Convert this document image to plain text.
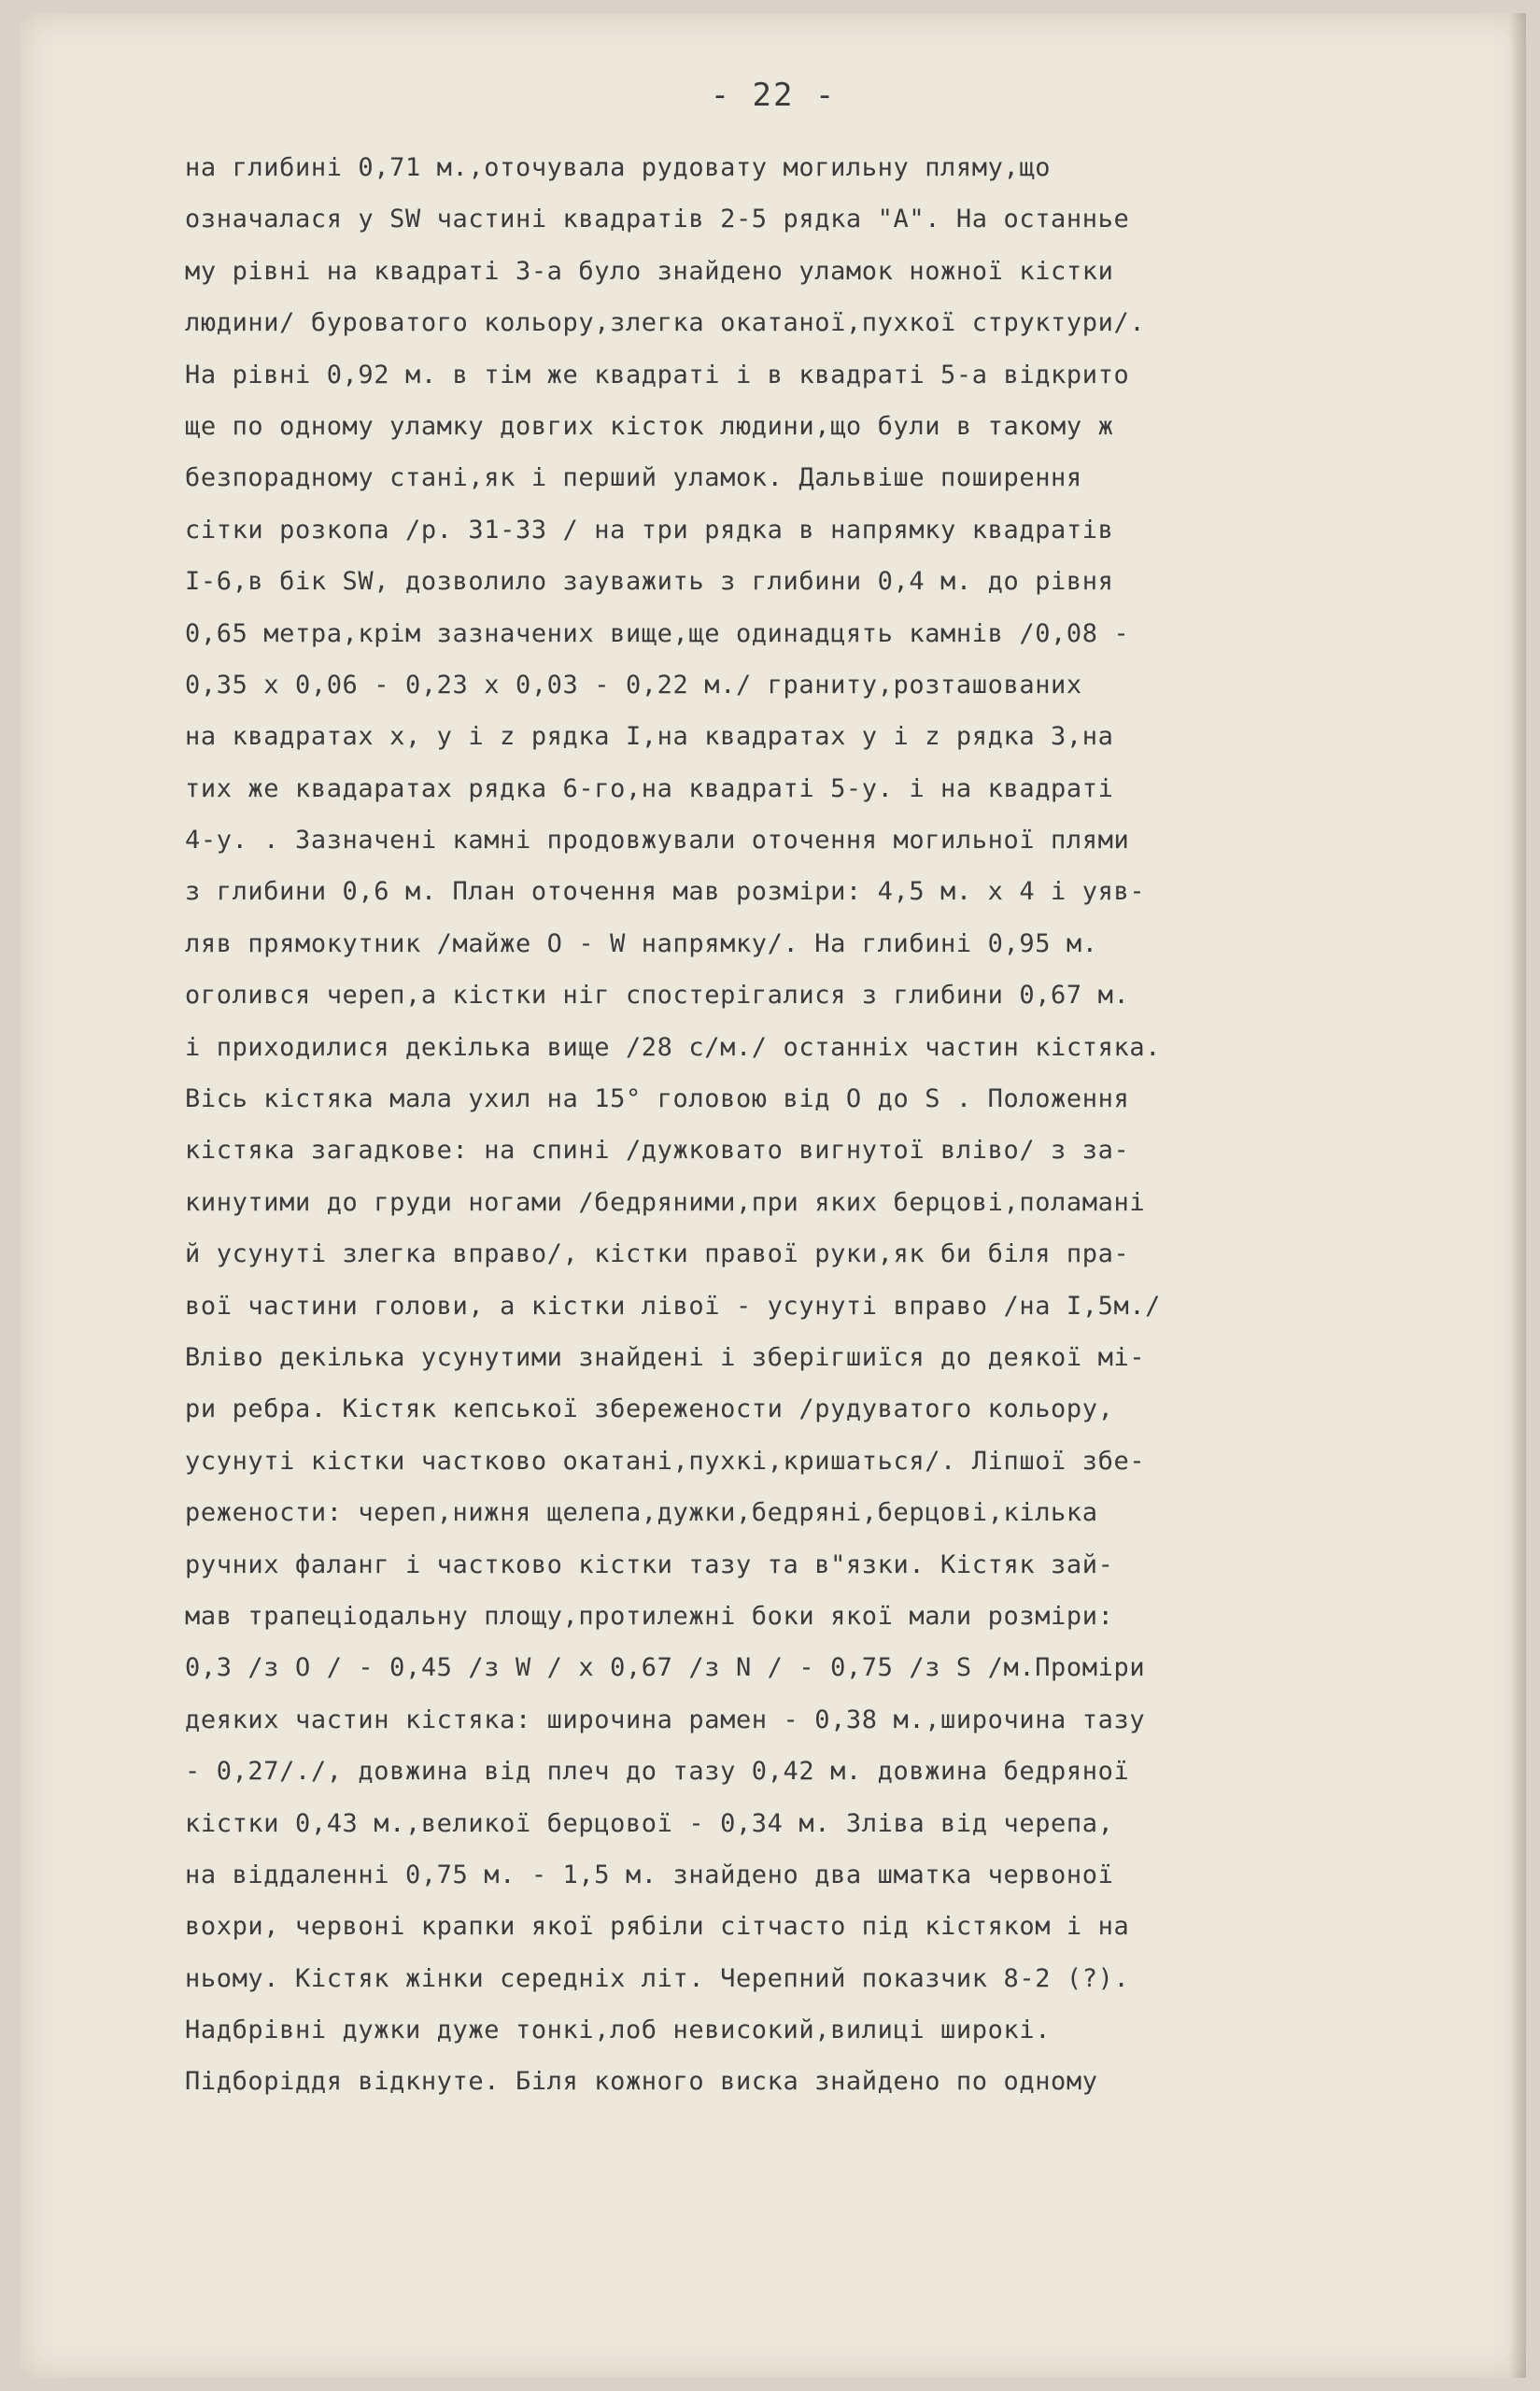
- 22 -
на глибині 0,71 м.,оточувала рудовату могильну пляму,що
означалася у SW частині квадратів 2-5 рядка "А". На останнье
му рівні на квадраті 3-а було знайдено уламок ножної кістки
людини/ буроватого кольору,злегка окатаної,пухкої структури/.
На рівні 0,92 м. в тім же квадраті і в квадраті 5-а відкрито
ще по одному уламку довгих кісток людини,що були в такому ж
безпорадному стані,як і перший уламок. Дальвіше поширення
сітки розкопа /р. 31-33 / на три рядка в напрямку квадратів
І-6,в бік SW, дозволило зауважить з глибини 0,4 м. до рівня
0,65 метра,крім зазначених вище,ще одинадцять камнів /0,08 -
0,35 х 0,06 - 0,23 х 0,03 - 0,22 м./ граниту,розташованих
на квадратах х, у і z рядка І,на квадратах у і z рядка 3,на
тих же квадаратах рядка 6-го,на квадраті 5-у. і на квадраті
4-у. . Зазначені камні продовжували оточення могильної плями
з глибини 0,6 м. План оточення мав розміри: 4,5 м. х 4 і уяв-
ляв прямокутник /майже О - W напрямку/. На глибині 0,95 м.
оголився череп,а кістки ніг спостерігалися з глибини 0,67 м.
і приходилися декілька вище /28 с/м./ останніх частин кістяка.
Вісь кістяка мала ухил на 15° головою від О до S . Положення
кістяка загадкове: на спині /дужковато вигнутої вліво/ з за-
кинутими до груди ногами /бедряними,при яких берцові,поламані
й усунуті злегка вправо/, кістки правої руки,як би біля пра-
вої частини голови, а кістки лівої - усунуті вправо /на І,5м./
Вліво декілька усунутими знайдені і зберігшиїся до деякої мі-
ри ребра. Кістяк кепської збережености /рудуватого кольору,
усунуті кістки частково окатані,пухкі,кришаться/. Ліпшої збе-
режености: череп,нижня щелепа,дужки,бедряні,берцові,кілька
ручних фаланг і частково кістки тазу та в"язки. Кістяк зай-
мав трапеціодальну площу,протилежні боки якої мали розміри:
0,3 /з О / - 0,45 /з W / х 0,67 /з N / - 0,75 /з S /м.Проміри
деяких частин кістяка: широчина рамен - 0,38 м.,широчина тазу
- 0,27/./, довжина від плеч до тазу 0,42 м. довжина бедряної
кістки 0,43 м.,великої берцової - 0,34 м. Зліва від черепа,
на віддаленні 0,75 м. - 1,5 м. знайдено два шматка червоної
вохри, червоні крапки якої рябіли сітчасто під кістяком і на
ньому. Кістяк жінки середніх літ. Черепний показчик 8-2 (?).
Надбрівні дужки дуже тонкі,лоб невисокий,вилиці широкі.
Підборіддя відкнуте. Біля кожного виска знайдено по одному
